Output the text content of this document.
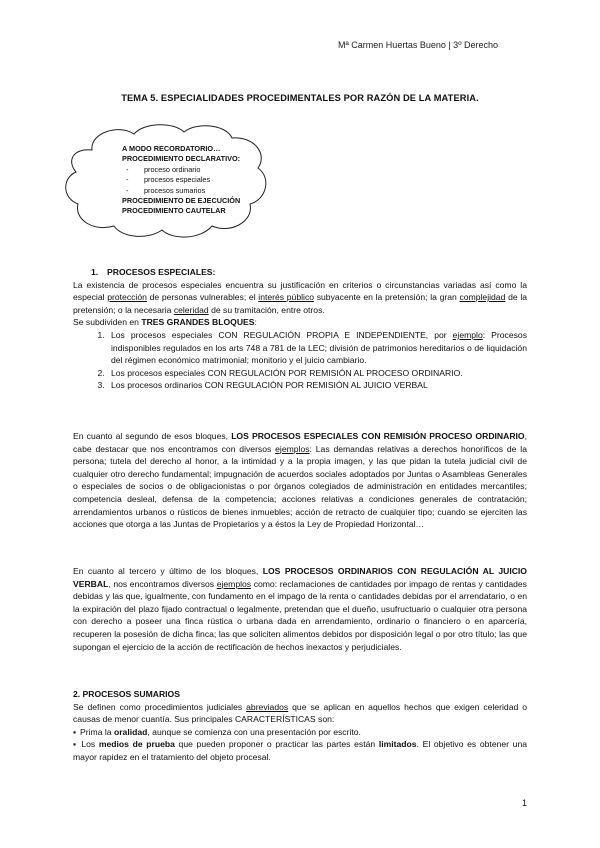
Mª Carmen Huertas Bueno | 3º Derecho
TEMA 5. ESPECIALIDADES PROCEDIMENTALES POR RAZÓN DE LA MATERIA.
A MODO RECORDATORIO…
PROCEDIMIENTO DECLARATIVO:
- proceso ordinario
- procesos especiales
- procesos sumarios
PROCEDIMIENTO DE EJECUCIÓN
PROCEDIMIENTO CAUTELAR
1. PROCESOS ESPECIALES:
La existencia de procesos especiales encuentra su justificación en criterios o circunstancias variadas así como la especial protección de personas vulnerables; el interés público subyacente en la pretensión; la gran complejidad de la pretensión; o la necesaria celeridad de su tramitación, entre otros.
Se subdividen en TRES GRANDES BLOQUES:
1. Los procesos especiales CON REGULACIÓN PROPIA E INDEPENDIENTE, por ejemplo: Procesos indisponibles regulados en los arts 748 a 781 de la LEC; división de patrimonios hereditarios o de liquidación del régimen económico matrimonial; monitorio y el juicio cambiario.
2. Los procesos especiales CON REGULACIÓN POR REMISIÓN AL PROCESO ORDINARIO.
3. Los procesos ordinarios CON REGULACIÓN POR REMISIÓN AL JUICIO VERBAL
En cuanto al segundo de esos bloques, LOS PROCESOS ESPECIALES CON REMISIÓN PROCESO ORDINARIO, cabe destacar que nos encontramos con diversos ejemplos: Las demandas relativas a derechos honoríficos de la persona; tutela del derecho al honor, a la intimidad y a la propia imagen, y las que pidan la tutela judicial civil de cualquier otro derecho fundamental; impugnación de acuerdos sociales adoptados por Juntas o Asambleas Generales o especiales de socios o de obligacionistas o por órganos colegiados de administración en entidades mercantiles; competencia desleal, defensa de la competencia; acciones relativas a condiciones generales de contratación; arrendamientos urbanos o rústicos de bienes inmuebles; acción de retracto de cualquier tipo; cuando se ejerciten las acciones que otorga a las Juntas de Propietarios y a éstos la Ley de Propiedad Horizontal…
En cuanto al tercero y último de los bloques, LOS PROCESOS ORDINARIOS CON REGULACIÓN AL JUICIO VERBAL, nos encontramos diversos ejemplos como: reclamaciones de cantidades por impago de rentas y cantidades debidas y las que, igualmente, con fundamento en el impago de la renta o cantidades debidas por el arrendatario, o en la expiración del plazo fijado contractual o legalmente, pretendan que el dueño, usufructuario o cualquier otra persona con derecho a poseer una finca rústica o urbana dada en arrendamiento, ordinario o financiero o en aparcería, recuperen la posesión de dicha finca; las que soliciten alimentos debidos por disposición legal o por otro título; las que supongan el ejercicio de la acción de rectificación de hechos inexactos y perjudiciales.
2. PROCESOS SUMARIOS
Se definen como procedimientos judiciales abreviados que se aplican en aquellos hechos que exigen celeridad o causas de menor cuantía. Sus principales CARACTERÍSTICAS son:
▪ Prima la oralidad, aunque se comienza con una presentación por escrito.
▪ Los medios de prueba que pueden proponer o practicar las partes están limitados. El objetivo es obtener una mayor rapidez en el tratamiento del objeto procesal.
1
